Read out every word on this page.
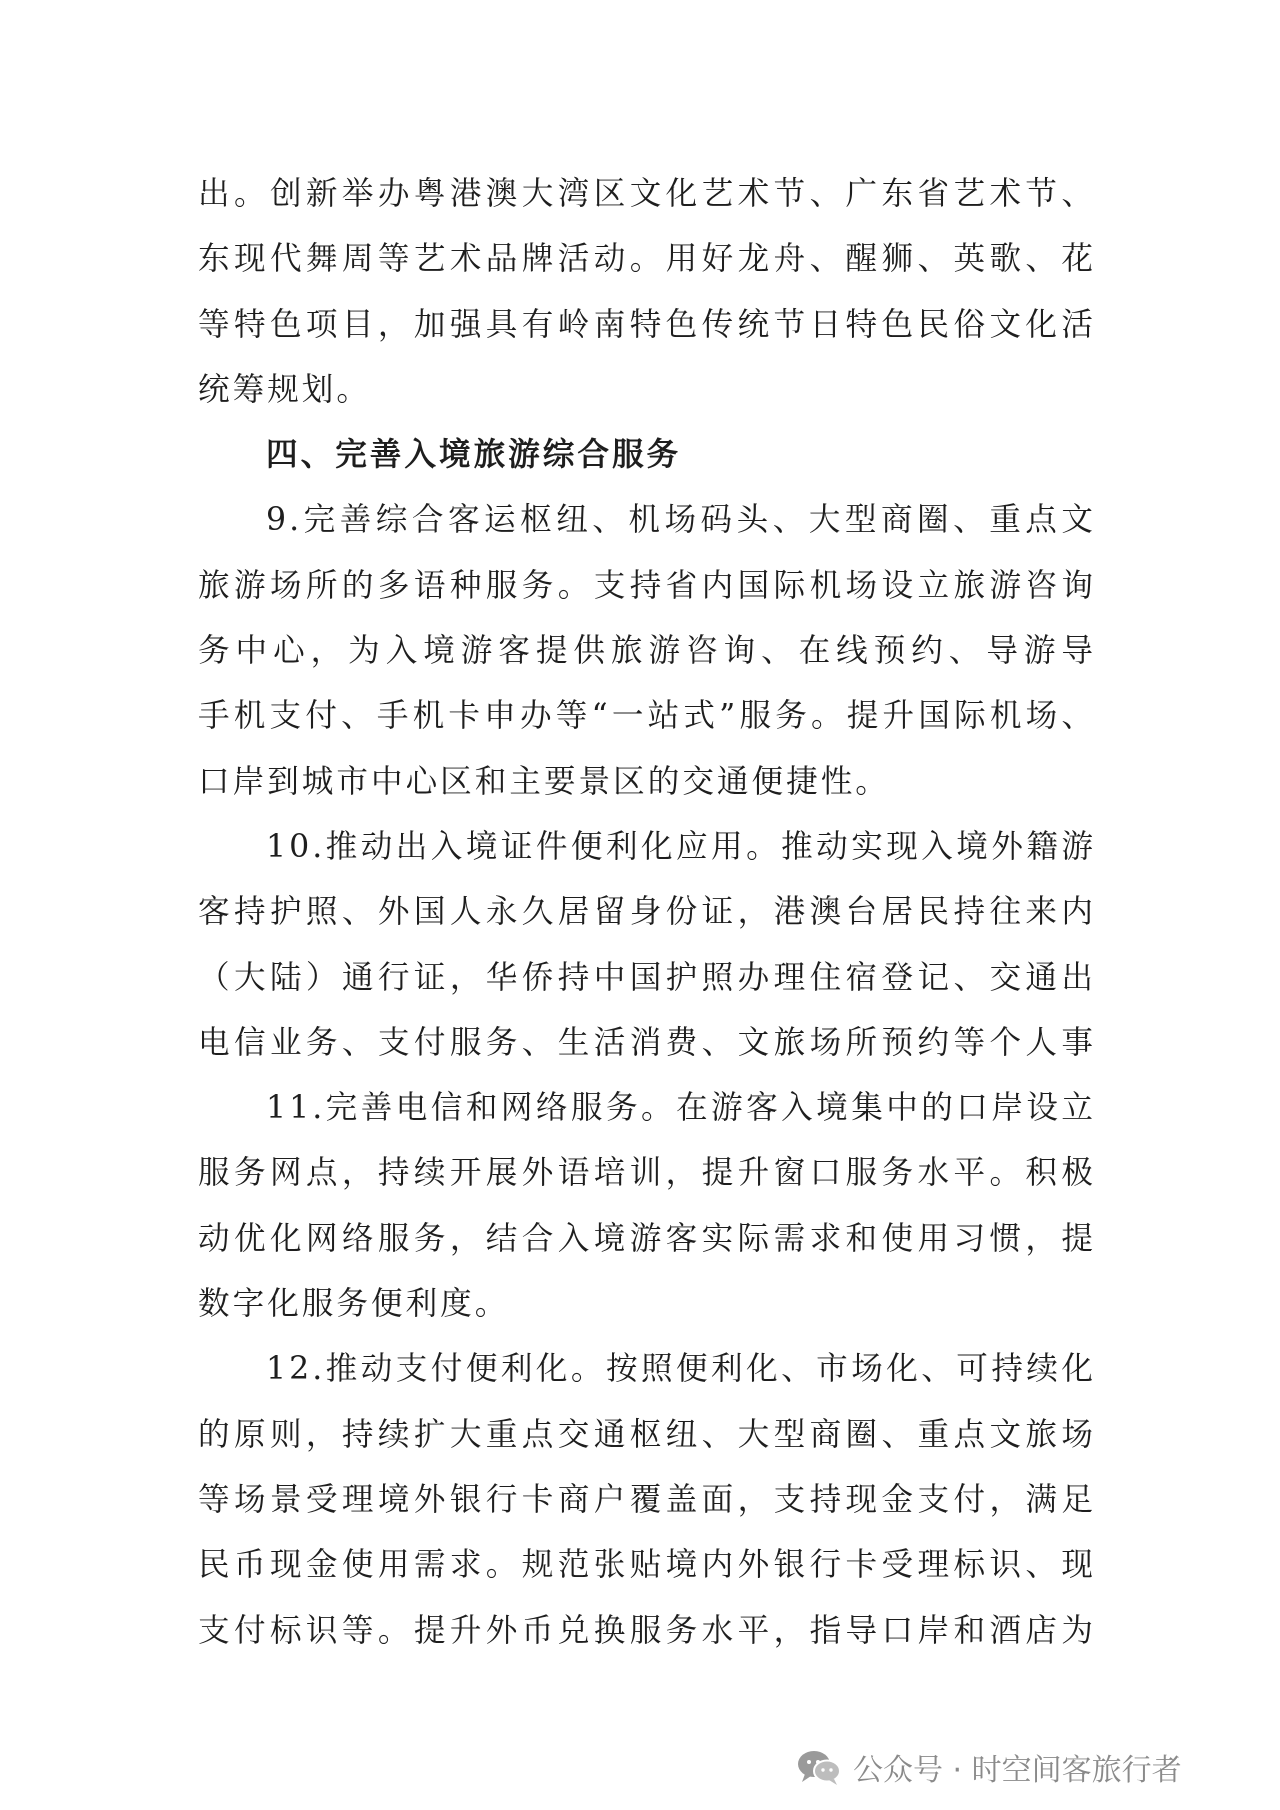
出。创新举办粤港澳大湾区文化艺术节、广东省艺术节、
东现代舞周等艺术品牌活动。用好龙舟、醒狮、英歌、花
等特色项目，加强具有岭南特色传统节日特色民俗文化活
统筹规划。
四、完善入境旅游综合服务
9.完善综合客运枢纽、机场码头、大型商圈、重点文
旅游场所的多语种服务。支持省内国际机场设立旅游咨询
务中心，为入境游客提供旅游咨询、在线预约、导游导
手机支付、手机卡申办等“一站式”服务。提升国际机场、
口岸到城市中心区和主要景区的交通便捷性。
10.推动出入境证件便利化应用。推动实现入境外籍游
客持护照、外国人永久居留身份证，港澳台居民持往来内
（大陆）通行证，华侨持中国护照办理住宿登记、交通出
电信业务、支付服务、生活消费、文旅场所预约等个人事
11.完善电信和网络服务。在游客入境集中的口岸设立
服务网点，持续开展外语培训，提升窗口服务水平。积极
动优化网络服务，结合入境游客实际需求和使用习惯，提
数字化服务便利度。
12.推动支付便利化。按照便利化、市场化、可持续化
的原则，持续扩大重点交通枢纽、大型商圈、重点文旅场
等场景受理境外银行卡商户覆盖面，支持现金支付，满足
民币现金使用需求。规范张贴境内外银行卡受理标识、现
支付标识等。提升外币兑换服务水平，指导口岸和酒店为
公众号 · 时空间客旅行者
